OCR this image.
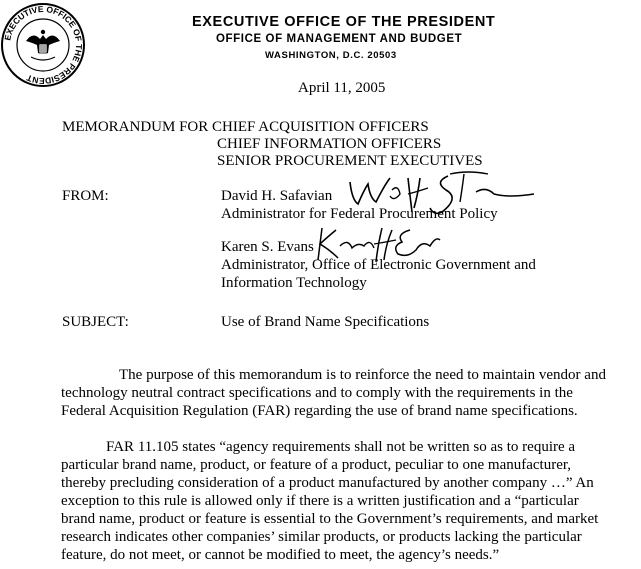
EXECUTIVE OFFICE OF THE PRESIDENT
EXECUTIVE OFFICE OF THE PRESIDENT
OFFICE OF MANAGEMENT AND BUDGET
WASHINGTON, D.C. 20503
April 11, 2005
MEMORANDUM FOR CHIEF ACQUISITION OFFICERS
CHIEF INFORMATION OFFICERS
SENIOR PROCUREMENT EXECUTIVES
FROM:	David H. Safavian
Administrator for Federal Procurement Policy
Karen S. Evans
Administrator, Office of Electronic Government and
Information Technology
SUBJECT:	Use of Brand Name Specifications
The purpose of this memorandum is to reinforce the need to maintain vendor and
technology neutral contract specifications and to comply with the requirements in the
Federal Acquisition Regulation (FAR) regarding the use of brand name specifications.
FAR 11.105 states “agency requirements shall not be written so as to require a
particular brand name, product, or feature of a product, peculiar to one manufacturer,
thereby precluding consideration of a product manufactured by another company …” An
exception to this rule is allowed only if there is a written justification and a “particular
brand name, product or feature is essential to the Government’s requirements, and market
research indicates other companies’ similar products, or products lacking the particular
feature, do not meet, or cannot be modified to meet, the agency’s needs.”
